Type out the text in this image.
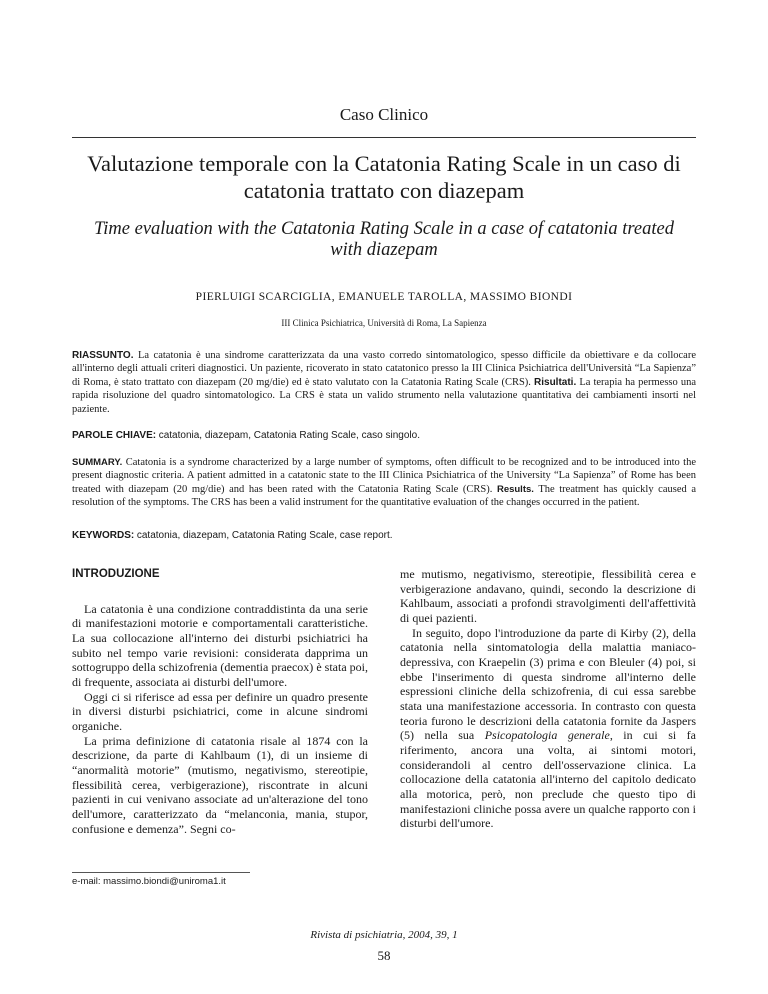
Caso Clinico
Valutazione temporale con la Catatonia Rating Scale in un caso di catatonia trattato con diazepam
Time evaluation with the Catatonia Rating Scale in a case of catatonia treated with diazepam
PIERLUIGI SCARCIGLIA, EMANUELE TAROLLA, MASSIMO BIONDI
III Clinica Psichiatrica, Università di Roma, La Sapienza
RIASSUNTO. La catatonia è una sindrome caratterizzata da una vasto corredo sintomatologico, spesso difficile da obiettivare e da collocare all'interno degli attuali criteri diagnostici. Un paziente, ricoverato in stato catatonico presso la III Clinica Psichiatrica dell'Università “La Sapienza” di Roma, è stato trattato con diazepam (20 mg/die) ed è stato valutato con la Catatonia Rating Scale (CRS). Risultati. La terapia ha permesso una rapida risoluzione del quadro sintomatologico. La CRS è stata un valido strumento nella valutazione quantitativa dei cambiamenti insorti nel paziente.
PAROLE CHIAVE: catatonia, diazepam, Catatonia Rating Scale, caso singolo.
SUMMARY. Catatonia is a syndrome characterized by a large number of symptoms, often difficult to be recognized and to be introduced into the present diagnostic criteria. A patient admitted in a catatonic state to the III Clinica Psichiatrica of the University “La Sapienza” of Rome has been treated with diazepam (20 mg/die) and has been rated with the Catatonia Rating Scale (CRS). Results. The treatment has quickly caused a resolution of the symptoms. The CRS has been a valid instrument for the quantitative evaluation of the changes occurred in the patient.
KEYWORDS: catatonia, diazepam, Catatonia Rating Scale, case report.
INTRODUZIONE

La catatonia è una condizione contraddistinta da una serie di manifestazioni motorie e comportamentali caratteristiche. La sua collocazione all'interno dei disturbi psichiatrici ha subito nel tempo varie revisioni: considerata dapprima un sottogruppo della schizofrenia (dementia praecox) è stata poi, di frequente, associata ai disturbi dell'umore.

Oggi ci si riferisce ad essa per definire un quadro presente in diversi disturbi psichiatrici, come in alcune sindromi organiche.

La prima definizione di catatonia risale al 1874 con la descrizione, da parte di Kahlbaum (1), di un insieme di “anormalità motorie” (mutismo, negativismo, stereotipie, flessibilità cerea, verbigerazione), riscontrate in alcuni pazienti in cui venivano associate ad un'alterazione del tono dell'umore, caratterizzato da “melanconia, mania, stupor, confusione e demenza”. Segni co-

me mutismo, negativismo, stereotipie, flessibilità cerea e verbigerazione andavano, quindi, secondo la descrizione di Kahlbaum, associati a profondi stravolgimenti dell'affettività di quei pazienti.

In seguito, dopo l'introduzione da parte di Kirby (2), della catatonia nella sintomatologia della malattia maniaco-depressiva, con Kraepelin (3) prima e con Bleuler (4) poi, si ebbe l'inserimento di questa sindrome all'interno delle espressioni cliniche della schizofrenia, di cui essa sarebbe stata una manifestazione accessoria. In contrasto con questa teoria furono le descrizioni della catatonia fornite da Jaspers (5) nella sua Psicopatologia generale, in cui si fa riferimento, ancora una volta, ai sintomi motori, considerandoli al centro dell'osservazione clinica. La collocazione della catatonia all'interno del capitolo dedicato alla motorica, però, non preclude che questo tipo di manifestazioni cliniche possa avere un qualche rapporto con i disturbi dell'umore.

e-mail: massimo.biondi@uniroma1.it
Rivista di psichiatria, 2004, 39, 1
58
